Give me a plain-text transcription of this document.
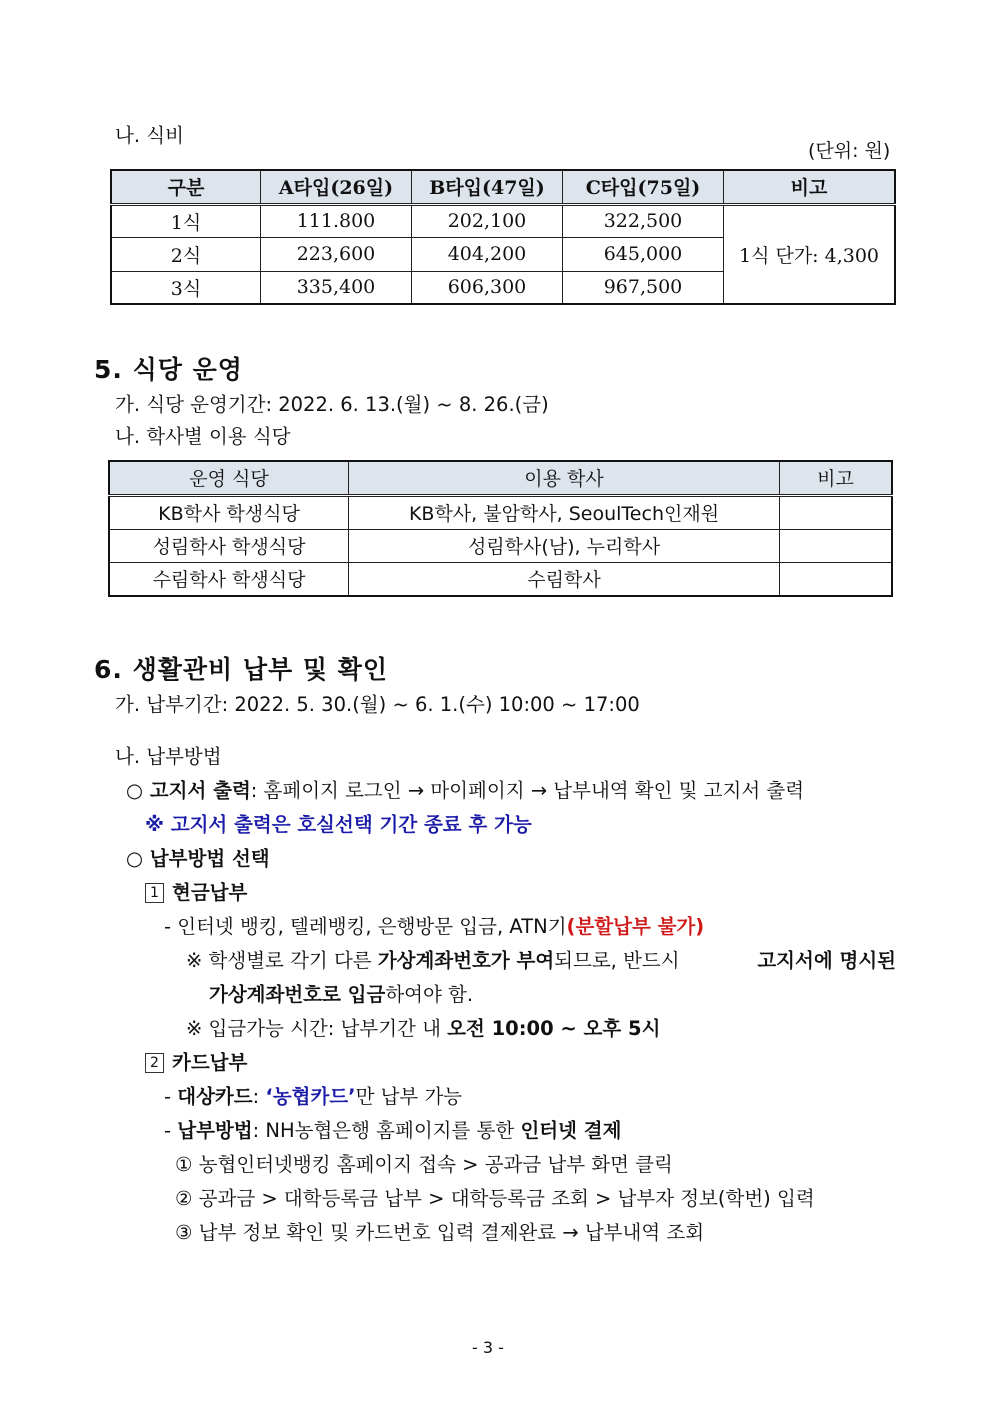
나. 식비
(단위: 원)
구분	A타입(26일)	B타입(47일)	C타입(75일)	비고
1식	111.800	202,100	322,500	1식 단가: 4,300
2식	223,600	404,200	645,000	
3식	335,400	606,300	967,500	
5. 식당 운영
가. 식당 운영기간: 2022. 6. 13.(월) ~ 8. 26.(금)
나. 학사별 이용 식당
운영 식당	이용 학사	비고
KB학사 학생식당	KB학사, 불암학사, SeoulTech인재원	
성림학사 학생식당	성림학사(남), 누리학사	
수림학사 학생식당	수림학사	
6. 생활관비 납부 및 확인
가. 납부기간: 2022. 5. 30.(월) ~ 6. 1.(수) 10:00 ~ 17:00
나. 납부방법
○ 고지서 출력: 홈페이지 로그인 → 마이페이지 → 납부내역 확인 및 고지서 출력
※ 고지서 출력은 호실선택 기간 종료 후 가능
○ 납부방법 선택
1 현금납부
- 인터넷 뱅킹, 텔레뱅킹, 은행방문 입금, ATN기(분할납부 불가)
※ 학생별로 각기 다른 가상계좌번호가 부여되므로, 반드시	고지서에 명시된
가상계좌번호로 입금하여야 함.
※ 입금가능 시간: 납부기간 내 오전 10:00 ~ 오후 5시
2 카드납부
- 대상카드: ‘농협카드’만 납부 가능
- 납부방법: NH농협은행 홈페이지를 통한 인터넷 결제
① 농협인터넷뱅킹 홈페이지 접속 > 공과금 납부 화면 클릭
② 공과금 > 대학등록금 납부 > 대학등록금 조회 > 납부자 정보(학번) 입력
③ 납부 정보 확인 및 카드번호 입력 결제완료 → 납부내역 조회
- 3 -
